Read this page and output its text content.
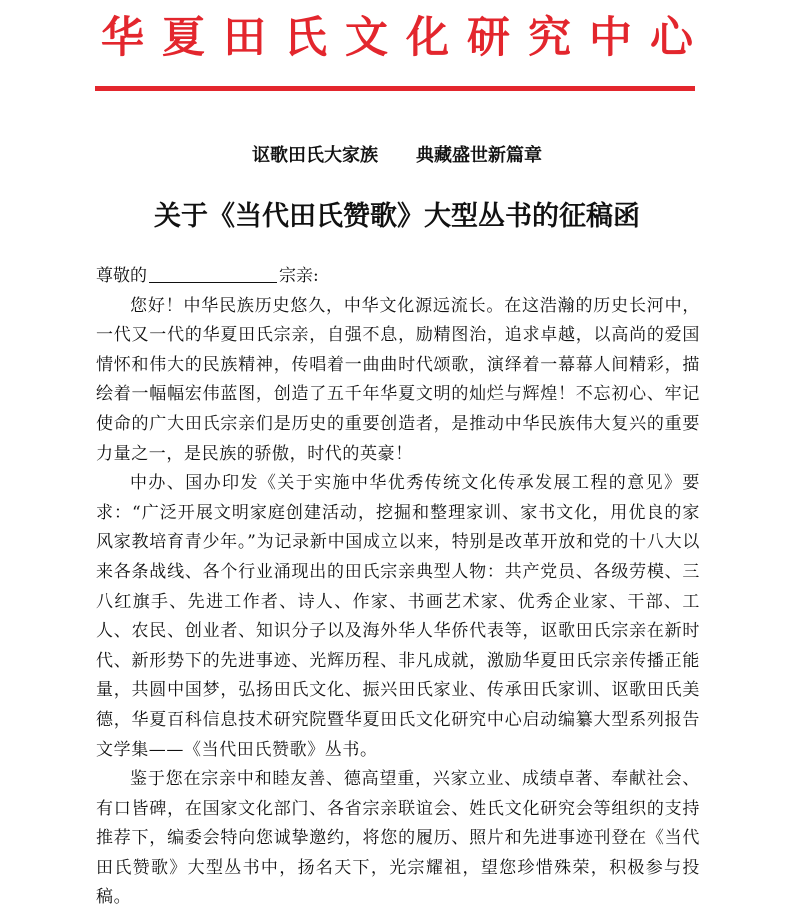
华夏田氏文化研究中心
讴歌田氏大家族 典藏盛世新篇章
关于《当代田氏赞歌》大型丛书的征稿函
尊敬的	宗亲:

您好！中华民族历史悠久，中华文化源远流长。在这浩瀚的历史长河中，一代又一代的华夏田氏宗亲，自强不息，励精图治，追求卓越，以高尚的爱国情怀和伟大的民族精神，传唱着一曲曲时代颂歌，演绎着一幕幕人间精彩，描绘着一幅幅宏伟蓝图，创造了五千年华夏文明的灿烂与辉煌！不忘初心、牢记使命的广大田氏宗亲们是历史的重要创造者，是推动中华民族伟大复兴的重要力量之一，是民族的骄傲，时代的英豪！

中办、国办印发《关于实施中华优秀传统文化传承发展工程的意见》要求：“广泛开展文明家庭创建活动，挖掘和整理家训、家书文化，用优良的家风家教培育青少年。”为记录新中国成立以来，特别是改革开放和党的十八大以来各条战线、各个行业涌现出的田氏宗亲典型人物：共产党员、各级劳模、三八红旗手、先进工作者、诗人、作家、书画艺术家、优秀企业家、干部、工人、农民、创业者、知识分子以及海外华人华侨代表等，讴歌田氏宗亲在新时代、新形势下的先进事迹、光辉历程、非凡成就，激励华夏田氏宗亲传播正能量，共圆中国梦，弘扬田氏文化、振兴田氏家业、传承田氏家训、讴歌田氏美德，华夏百科信息技术研究院暨华夏田氏文化研究中心启动编纂大型系列报告文学集——《当代田氏赞歌》丛书。

鉴于您在宗亲中和睦友善、德高望重，兴家立业、成绩卓著、奉献社会、有口皆碑，在国家文化部门、各省宗亲联谊会、姓氏文化研究会等组织的支持推荐下，编委会特向您诚挚邀约，将您的履历、照片和先进事迹刊登在《当代田氏赞歌》大型丛书中，扬名天下，光宗耀祖，望您珍惜殊荣，积极参与投稿。
